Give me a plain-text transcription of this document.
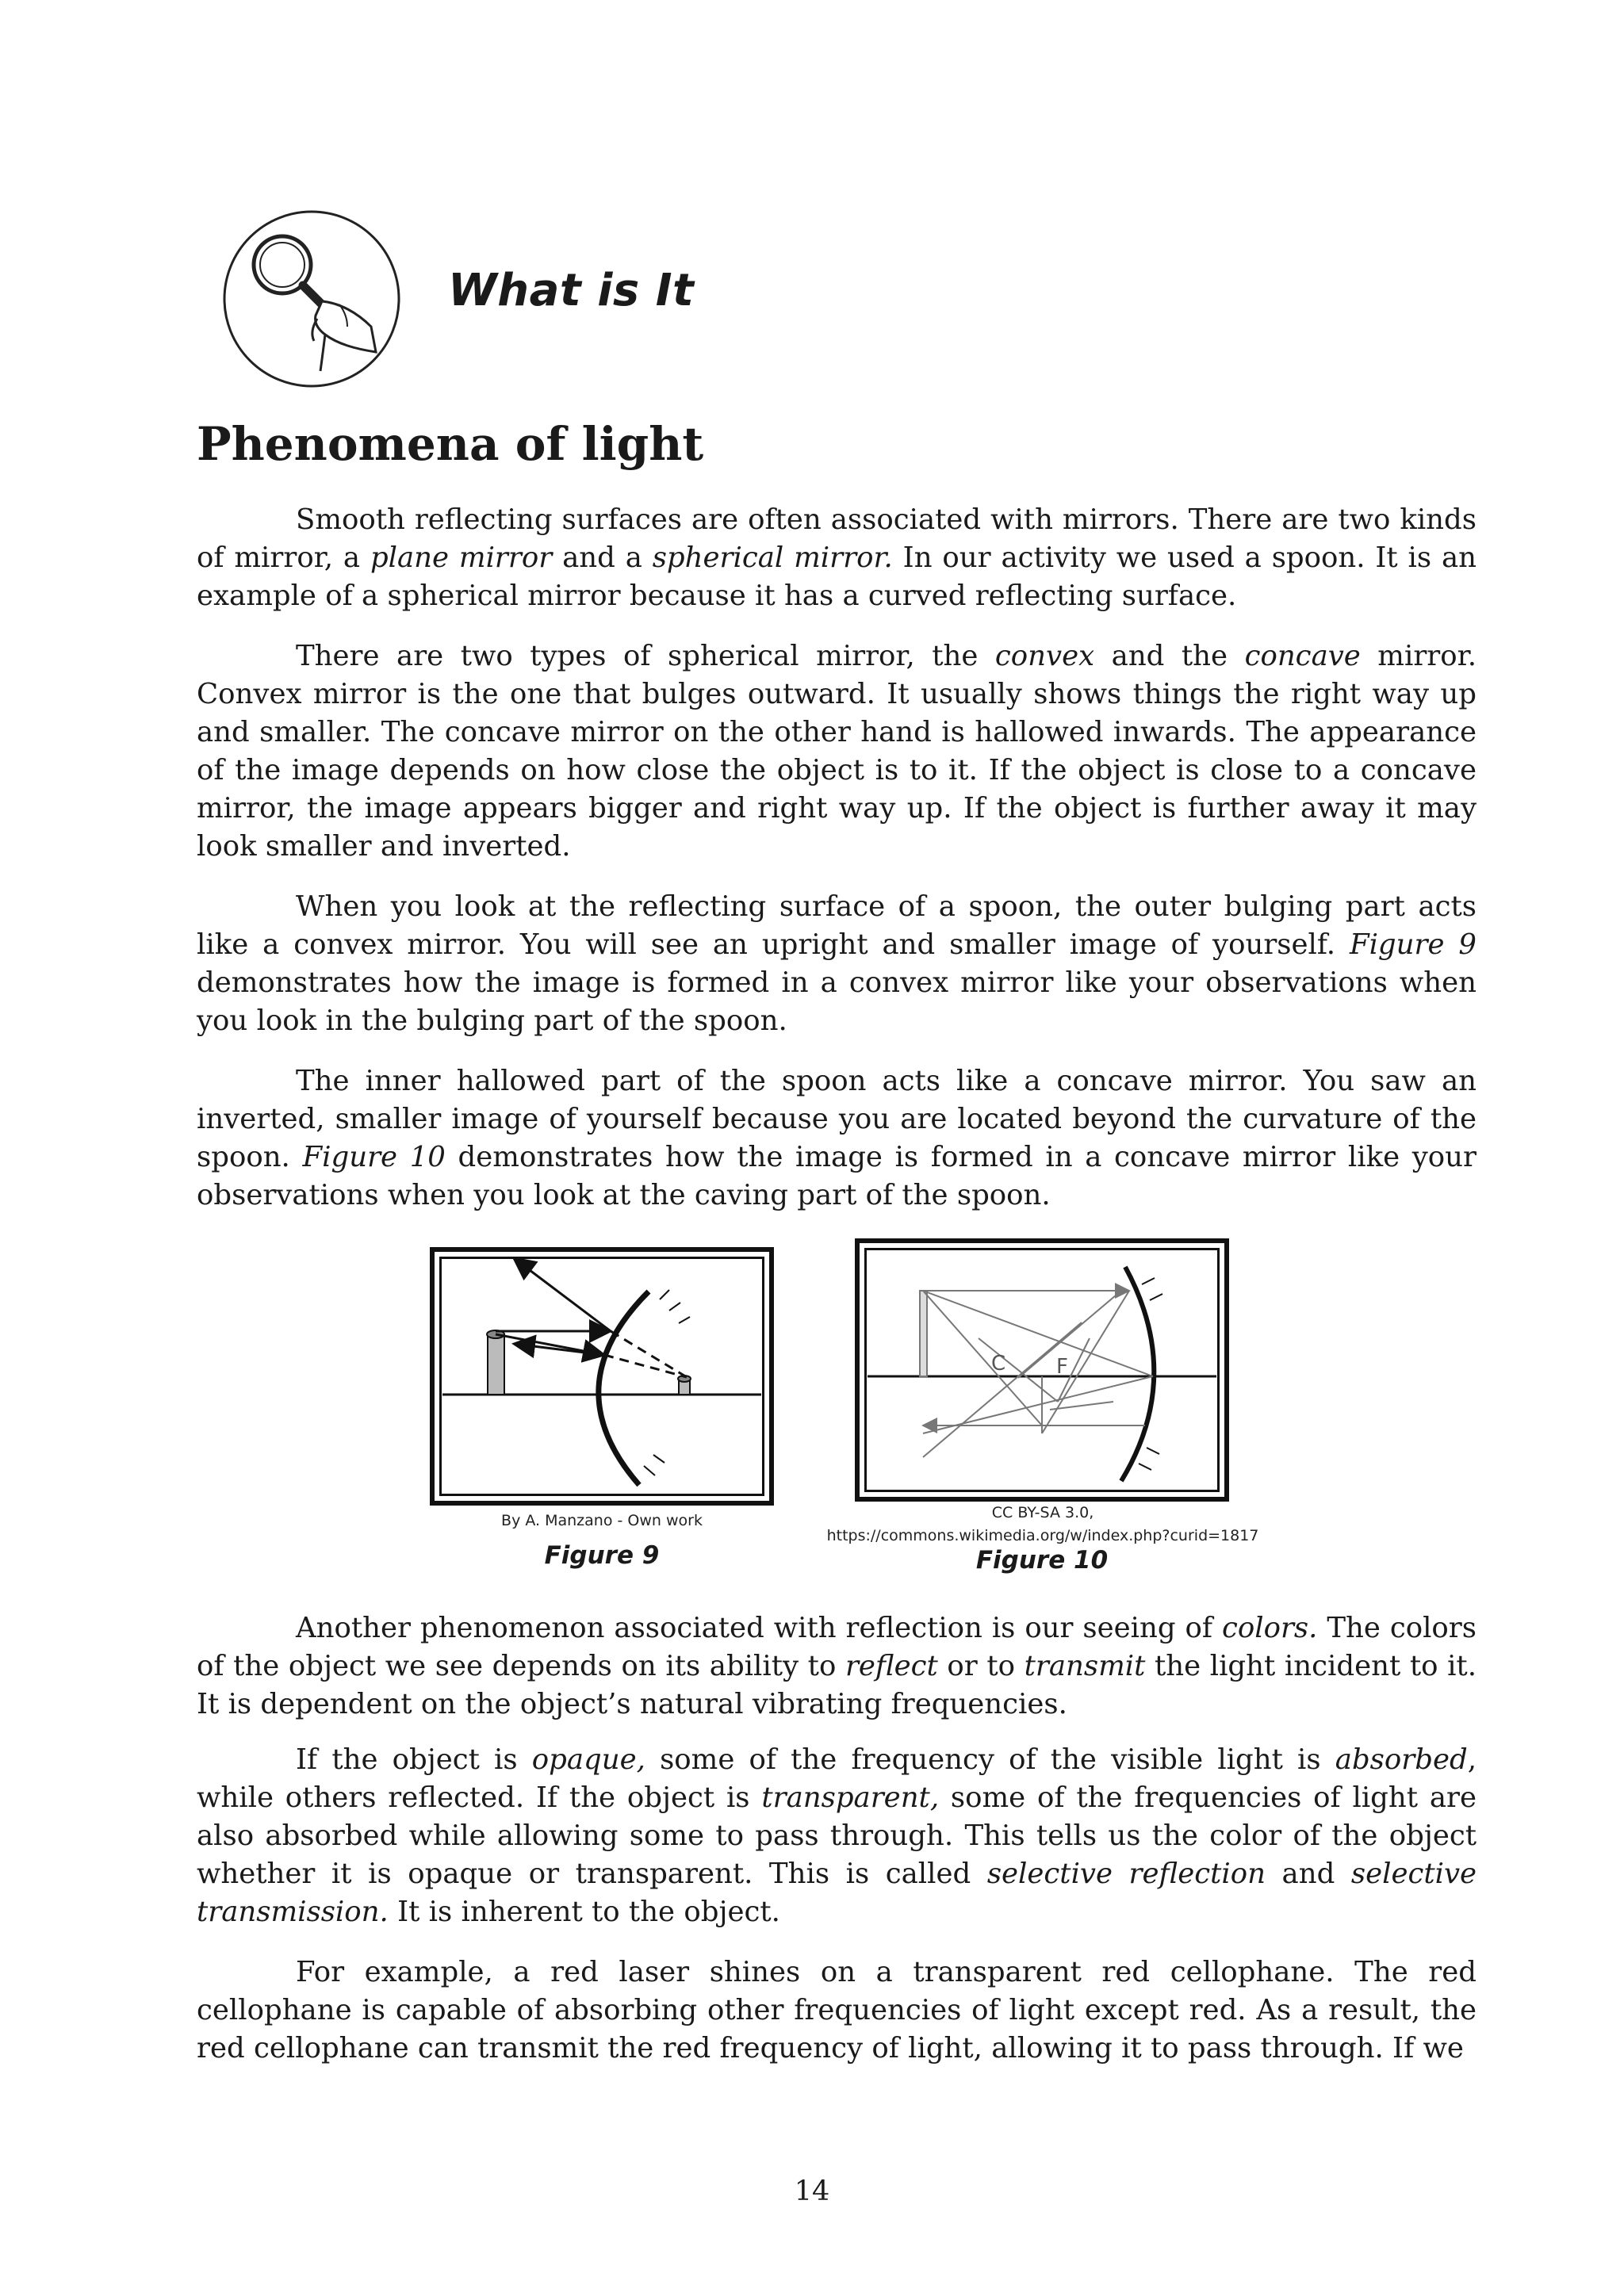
What is It
Phenomena of light

Smooth reflecting surfaces are often associated with mirrors. There are two kinds of mirror, a plane mirror and a spherical mirror. In our activity we used a spoon. It is an example of a spherical mirror because it has a curved reflecting surface.

There are two types of spherical mirror, the convex and the concave mirror. Convex mirror is the one that bulges outward. It usually shows things the right way up and smaller. The concave mirror on the other hand is hallowed inwards. The appearance of the image depends on how close the object is to it. If the object is close to a concave mirror, the image appears bigger and right way up. If the object is further away it may look smaller and inverted.

When you look at the reflecting surface of a spoon, the outer bulging part acts like a convex mirror. You will see an upright and smaller image of yourself. Figure 9 demonstrates how the image is formed in a convex mirror like your observations when you look in the bulging part of the spoon.

The inner hallowed part of the spoon acts like a concave mirror. You saw an inverted, smaller image of yourself because you are located beyond the curvature of the spoon. Figure 10 demonstrates how the image is formed in a concave mirror like your observations when you look at the caving part of the spoon.

By A. Manzano - Own work

Figure 9

C F

CC BY-SA 3.0,

https://commons.wikimedia.org/w/index.php?curid=1817

Figure 10

Another phenomenon associated with reflection is our seeing of colors. The colors of the object we see depends on its ability to reflect or to transmit the light incident to it. It is dependent on the object’s natural vibrating frequencies.

If the object is opaque, some of the frequency of the visible light is absorbed, while others reflected. If the object is transparent, some of the frequencies of light are also absorbed while allowing some to pass through. This tells us the color of the object whether it is opaque or transparent. This is called selective reflection and selective transmission. It is inherent to the object.

For example, a red laser shines on a transparent red cellophane. The red cellophane is capable of absorbing other frequencies of light except red. As a result, the red cellophane can transmit the red frequency of light, allowing it to pass through. If we

14
